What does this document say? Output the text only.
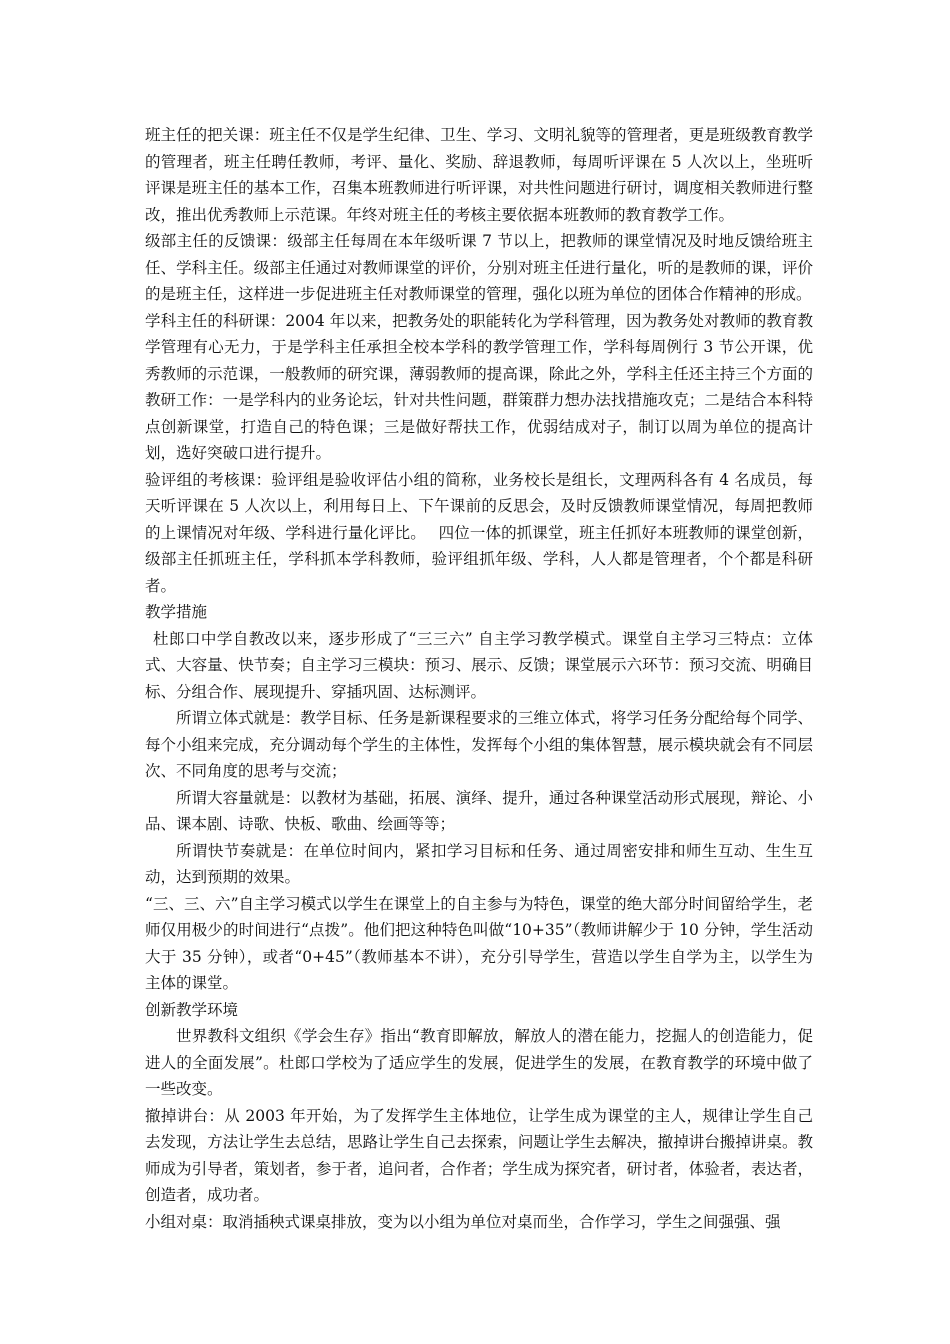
班主任的把关课：班主任不仅是学生纪律、卫生、学习、文明礼貌等的管理者，更是班级教育教学的管理者，班主任聘任教师，考评、量化、奖励、辞退教师，每周听评课在 5 人次以上，坐班听评课是班主任的基本工作，召集本班教师进行听评课，对共性问题进行研讨，调度相关教师进行整改，推出优秀教师上示范课。年终对班主任的考核主要依据本班教师的教育教学工作。

级部主任的反馈课：级部主任每周在本年级听课 7 节以上，把教师的课堂情况及时地反馈给班主任、学科主任。级部主任通过对教师课堂的评价，分别对班主任进行量化，听的是教师的课，评价的是班主任，这样进一步促进班主任对教师课堂的管理，强化以班为单位的团体合作精神的形成。

学科主任的科研课：2004 年以来，把教务处的职能转化为学科管理，因为教务处对教师的教育教学管理有心无力，于是学科主任承担全校本学科的教学管理工作，学科每周例行 3 节公开课，优秀教师的示范课，一般教师的研究课，薄弱教师的提高课，除此之外，学科主任还主持三个方面的教研工作：一是学科内的业务论坛，针对共性问题，群策群力想办法找措施攻克；二是结合本科特点创新课堂，打造自己的特色课；三是做好帮扶工作，优弱结成对子，制订以周为单位的提高计划，选好突破口进行提升。

验评组的考核课：验评组是验收评估小组的简称，业务校长是组长，文理两科各有 4 名成员，每天听评课在 5 人次以上，利用每日上、下午课前的反思会，及时反馈教师课堂情况，每周把教师的上课情况对年级、学科进行量化评比。　 四位一体的抓课堂，班主任抓好本班教师的课堂创新，级部主任抓班主任，学科抓本学科教师，验评组抓年级、学科，人人都是管理者，个个都是科研者。

教学措施

杜郎口中学自教改以来，逐步形成了“三三六” 自主学习教学模式。课堂自主学习三特点：立体式、大容量、快节奏；自主学习三模块：预习、展示、反馈；课堂展示六环节：预习交流、明确目标、分组合作、展现提升、穿插巩固、达标测评。

所谓立体式就是：教学目标、任务是新课程要求的三维立体式，将学习任务分配给每个同学、每个小组来完成，充分调动每个学生的主体性，发挥每个小组的集体智慧，展示模块就会有不同层次、不同角度的思考与交流；

所谓大容量就是：以教材为基础，拓展、演绎、提升，通过各种课堂活动形式展现，辩论、小品、课本剧、诗歌、快板、歌曲、绘画等等；

所谓快节奏就是：在单位时间内，紧扣学习目标和任务、通过周密安排和师生互动、生生互动，达到预期的效果。

“三、三、六”自主学习模式以学生在课堂上的自主参与为特色，课堂的绝大部分时间留给学生，老师仅用极少的时间进行“点拨”。他们把这种特色叫做“10+35”（教师讲解少于 10 分钟，学生活动大于 35 分钟），或者“0+45”（教师基本不讲），充分引导学生，营造以学生自学为主，以学生为主体的课堂。

创新教学环境

世界教科文组织《学会生存》指出“教育即解放，解放人的潜在能力，挖掘人的创造能力，促进人的全面发展”。杜郎口学校为了适应学生的发展，促进学生的发展，在教育教学的环境中做了一些改变。

撤掉讲台：从 2003 年开始，为了发挥学生主体地位，让学生成为课堂的主人，规律让学生自己去发现，方法让学生去总结，思路让学生自己去探索，问题让学生去解决，撤掉讲台搬掉讲桌。教师成为引导者，策划者，参于者，追问者，合作者；学生成为探究者，研讨者，体验者，表达者，创造者，成功者。

小组对桌：取消插秧式课桌排放，变为以小组为单位对桌而坐，合作学习，学生之间强强、强
